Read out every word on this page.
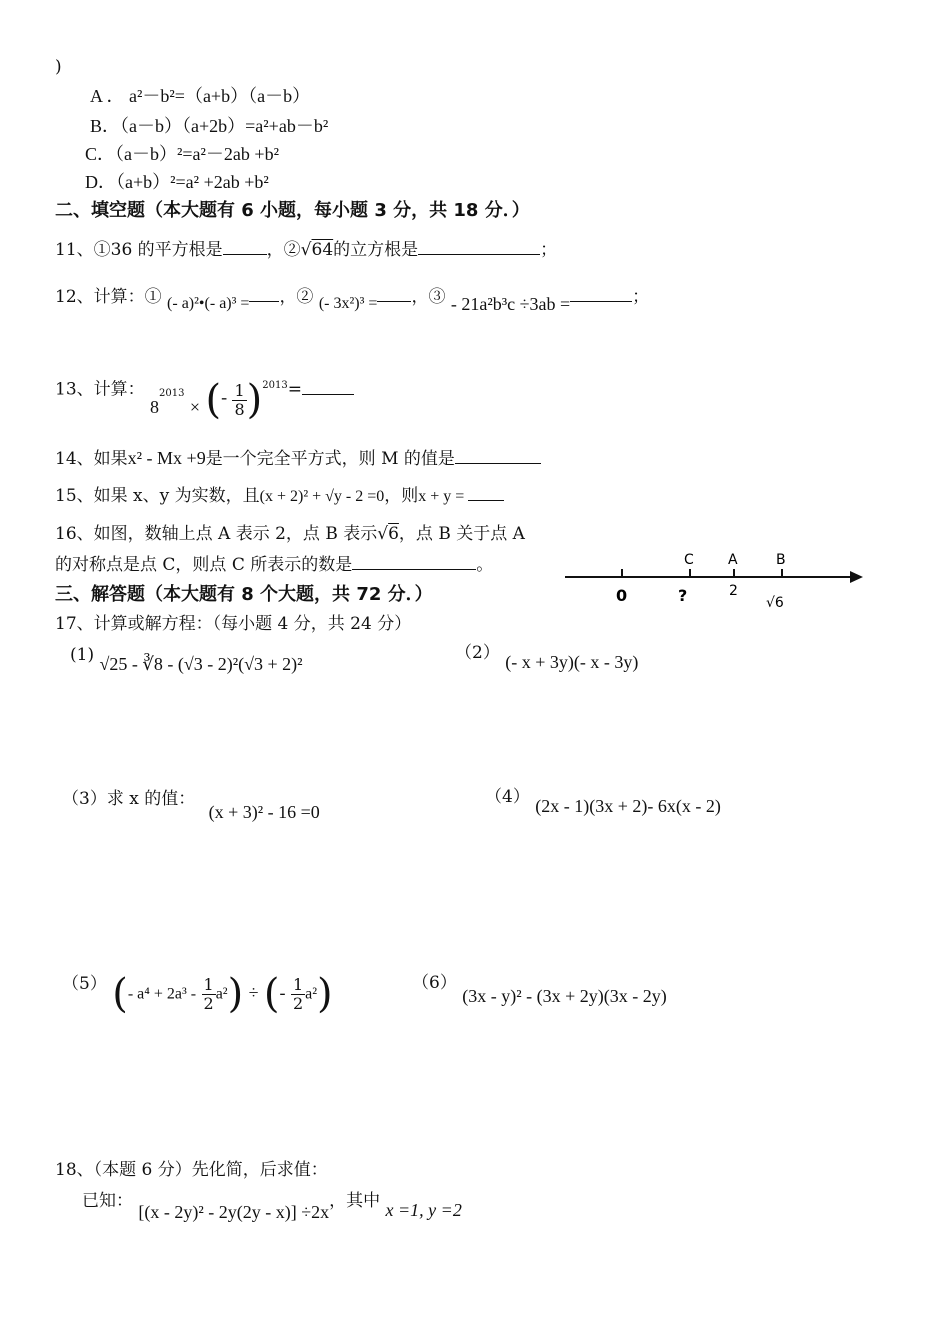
)
A ． a²－b²=（a+b）（a－b）
B．（a－b）（a+2b）=a²+ab－b²
C．（a－b）²=a²－2ab +b²
D．（a+b）²=a² +2ab +b²
二、填空题（本大题有 6 小题，每小题 3 分，共 18 分．）
11、①36 的平方根是	，②√64的立方根是	；
12、计算：① (- a)²•(- a)³ = ，② (- 3x²)³ = ，③ - 21a²b³c ÷3ab =	；
13、计算： $8^{2013}$ × (- $\frac{1}{8} )^{2013}=$
14、如果x² - Mx +9是一个完全平方式，则 M 的值是
15、如果 x、y 为实数，且(x + 2)² + √y - 2 =0，则x + y =
16、如图，数轴上点 A 表示 2，点 B 表示√6，点 B 关于点 A
的对称点是点 C，则点 C 所表示的数是	。	C A	B
0	?	2
√6
三、解答题（本大题有 8 个大题，共 72 分．）
17、计算或解方程：（每小题 4 分，共 24 分）
(1) √25 - ∛8 - (√3 - 2)²(√3 + 2)²
（2） (- x + 3y)(- x - 3y)
（3）求 x 的值： (x + 3)² - 16 =0
（4） (2x - 1)(3x + 2)- 6x(x - 2)
（5） (- $a^4 + 2a^3 - \frac{1}{2} a^2$) ÷ (- $\frac{1}{2} a^2$)	（6） (3x - y)² - (3x + 2y)(3x - 2y)
18、（本题 6 分）先化简，后求值：
已知： [(x - 2y)² - 2y(2y - x)] ÷2x，其中 x =1, y =2
